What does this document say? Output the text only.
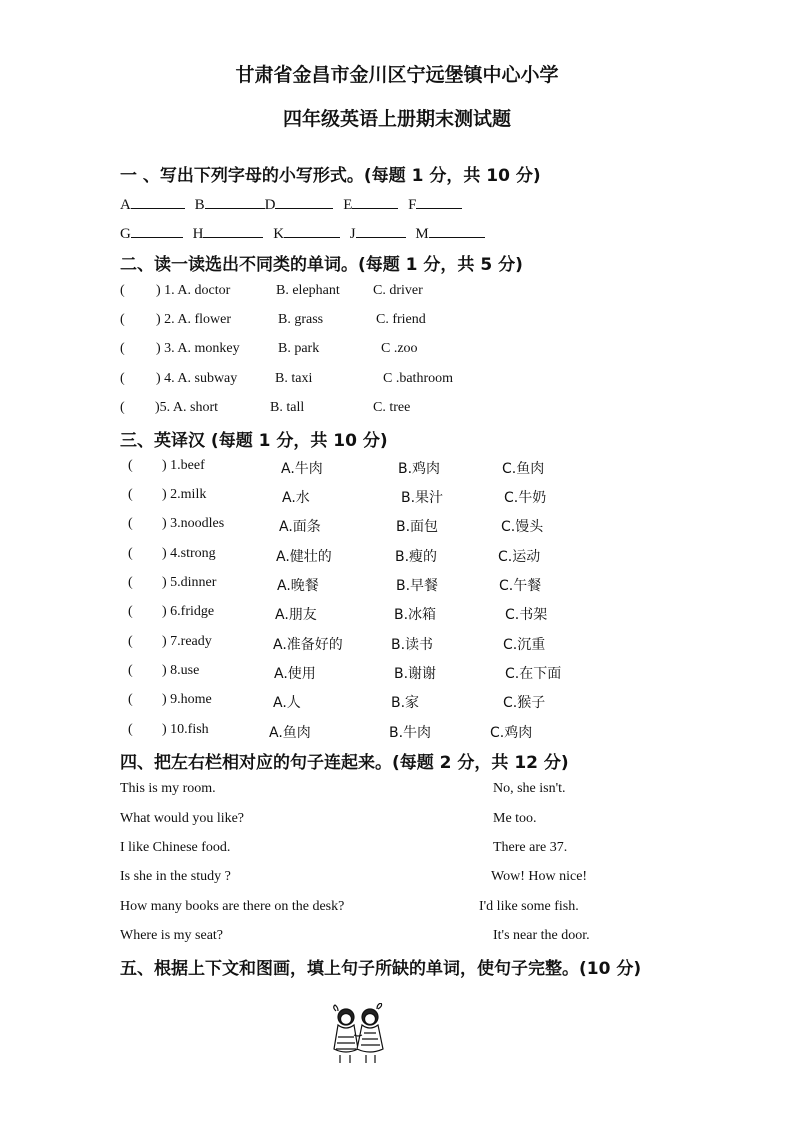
甘肃省金昌市金川区宁远堡镇中心小学
四年级英语上册期末测试题
一 、写出下列字母的小写形式。(每题 1 分，共 10 分)
A	B	D	E	F
G	H	K	J	M
二、读一读选出不同类的单词。(每题 1 分，共 5 分)
( ) 1. A. doctor	B. elephant C. driver
( ) 2. A. flower	B. grass	C. friend
( ) 3. A. monkey	B. park	C .zoo
( ) 4. A. subway	B. taxi	C .bathroom
( )5. A. short	B. tall	C. tree
三、英译汉 (每题 1 分，共 10 分)
( ) 1.beef	A.牛肉	B.鸡肉	C.鱼肉
( ) 2.milk	A.水	B.果汁	C.牛奶
( ) 3.noodles	A.面条	B.面包	C.馒头
( ) 4.strong	A.健壮的	B.瘦的	C.运动
( ) 5.dinner	A.晚餐	B.早餐	C.午餐
( ) 6.fridge	A.朋友	B.冰箱	C.书架
( ) 7.ready	A.准备好的	B.读书	C.沉重
( ) 8.use	A.使用	B.谢谢	C.在下面
( ) 9.home	A.人	B.家	C.猴子
( ) 10.fish	A.鱼肉	B.牛肉	C.鸡肉
四、把左右栏相对应的句子连起来。(每题 2 分，共 12 分)
This is my room.
What would you like?
I like Chinese food.
Is she in the study ?
How many books are there on the desk?
Where is my seat?
No, she isn't.
Me too.
There are 37.
Wow! How nice!
I'd like some fish.
It's near the door.
五、根据上下文和图画，填上句子所缺的单词，使句子完整。(10 分)
